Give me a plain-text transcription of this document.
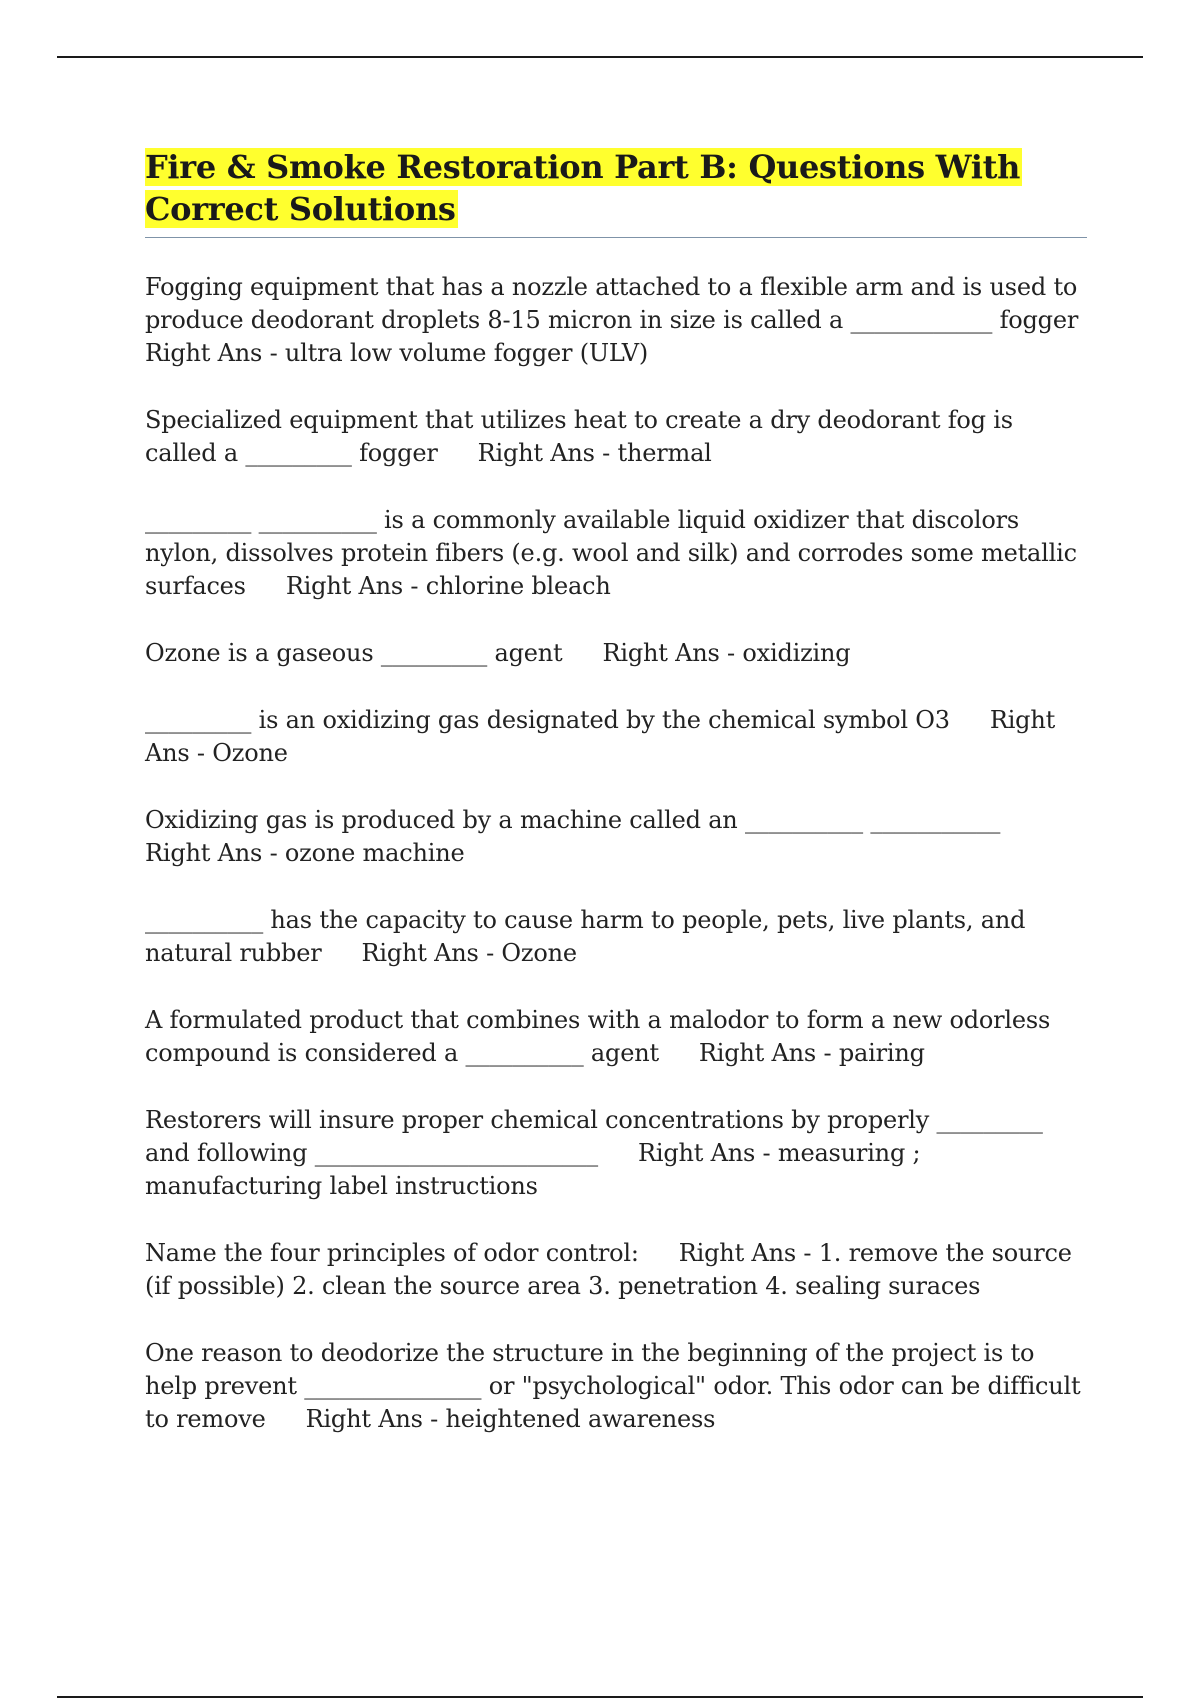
Fire & Smoke Restoration Part B: Questions With
Correct Solutions

Fogging equipment that has a nozzle attached to a flexible arm and is used to produce deodorant droplets 8-15 micron in size is called a ____________ fogger
Right Ans - ultra low volume fogger (ULV)

Specialized equipment that utilizes heat to create a dry deodorant fog is called a _________ fogger Right Ans - thermal

_________ __________ is a commonly available liquid oxidizer that discolors nylon, dissolves protein fibers (e.g. wool and silk) and corrodes some metallic surfaces Right Ans - chlorine bleach

Ozone is a gaseous _________ agent Right Ans - oxidizing

_________ is an oxidizing gas designated by the chemical symbol O3 Right Ans - Ozone

Oxidizing gas is produced by a machine called an __________ ___________
Right Ans - ozone machine

__________ has the capacity to cause harm to people, pets, live plants, and natural rubber Right Ans - Ozone

A formulated product that combines with a malodor to form a new odorless compound is considered a __________ agent Right Ans - pairing

Restorers will insure proper chemical concentrations by properly _________ and following ________________________ Right Ans - measuring ; manufacturing label instructions

Name the four principles of odor control: Right Ans - 1. remove the source (if possible) 2. clean the source area 3. penetration 4. sealing suraces

One reason to deodorize the structure in the beginning of the project is to help prevent _______________ or "psychological" odor. This odor can be difficult to remove Right Ans - heightened awareness
